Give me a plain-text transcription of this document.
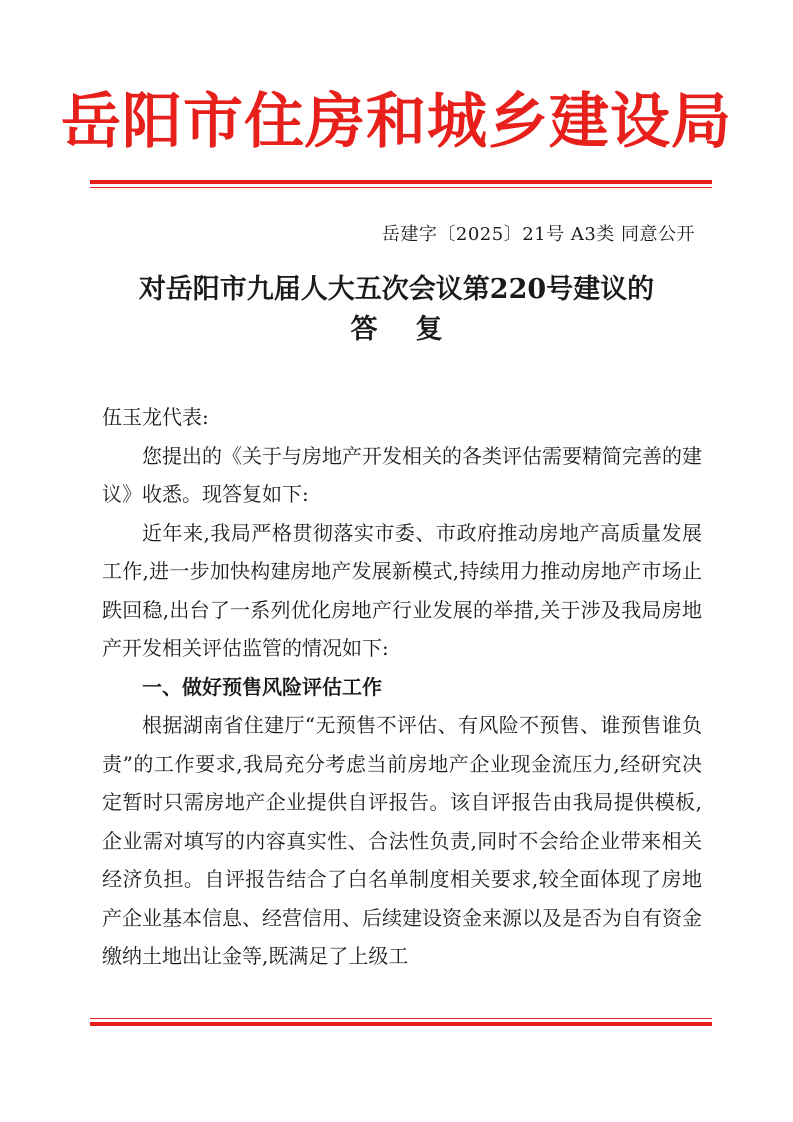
岳阳市住房和城乡建设局
岳建字〔2025〕21号 A3类 同意公开
对岳阳市九届人大五次会议第220号建议的
答复

伍玉龙代表:

您提出的《关于与房地产开发相关的各类评估需要精简完善的建议》收悉。现答复如下:

近年来,我局严格贯彻落实市委、市政府推动房地产高质量发展工作,进一步加快构建房地产发展新模式,持续用力推动房地产市场止跌回稳,出台了一系列优化房地产行业发展的举措,关于涉及我局房地产开发相关评估监管的情况如下:

一、做好预售风险评估工作

根据湖南省住建厅“无预售不评估、有风险不预售、谁预售谁负责”的工作要求,我局充分考虑当前房地产企业现金流压力,经研究决定暂时只需房地产企业提供自评报告。该自评报告由我局提供模板,企业需对填写的内容真实性、合法性负责,同时不会给企业带来相关经济负担。自评报告结合了白名单制度相关要求,较全面体现了房地产企业基本信息、经营信用、后续建设资金来源以及是否为自有资金缴纳土地出让金等,既满足了上级工
